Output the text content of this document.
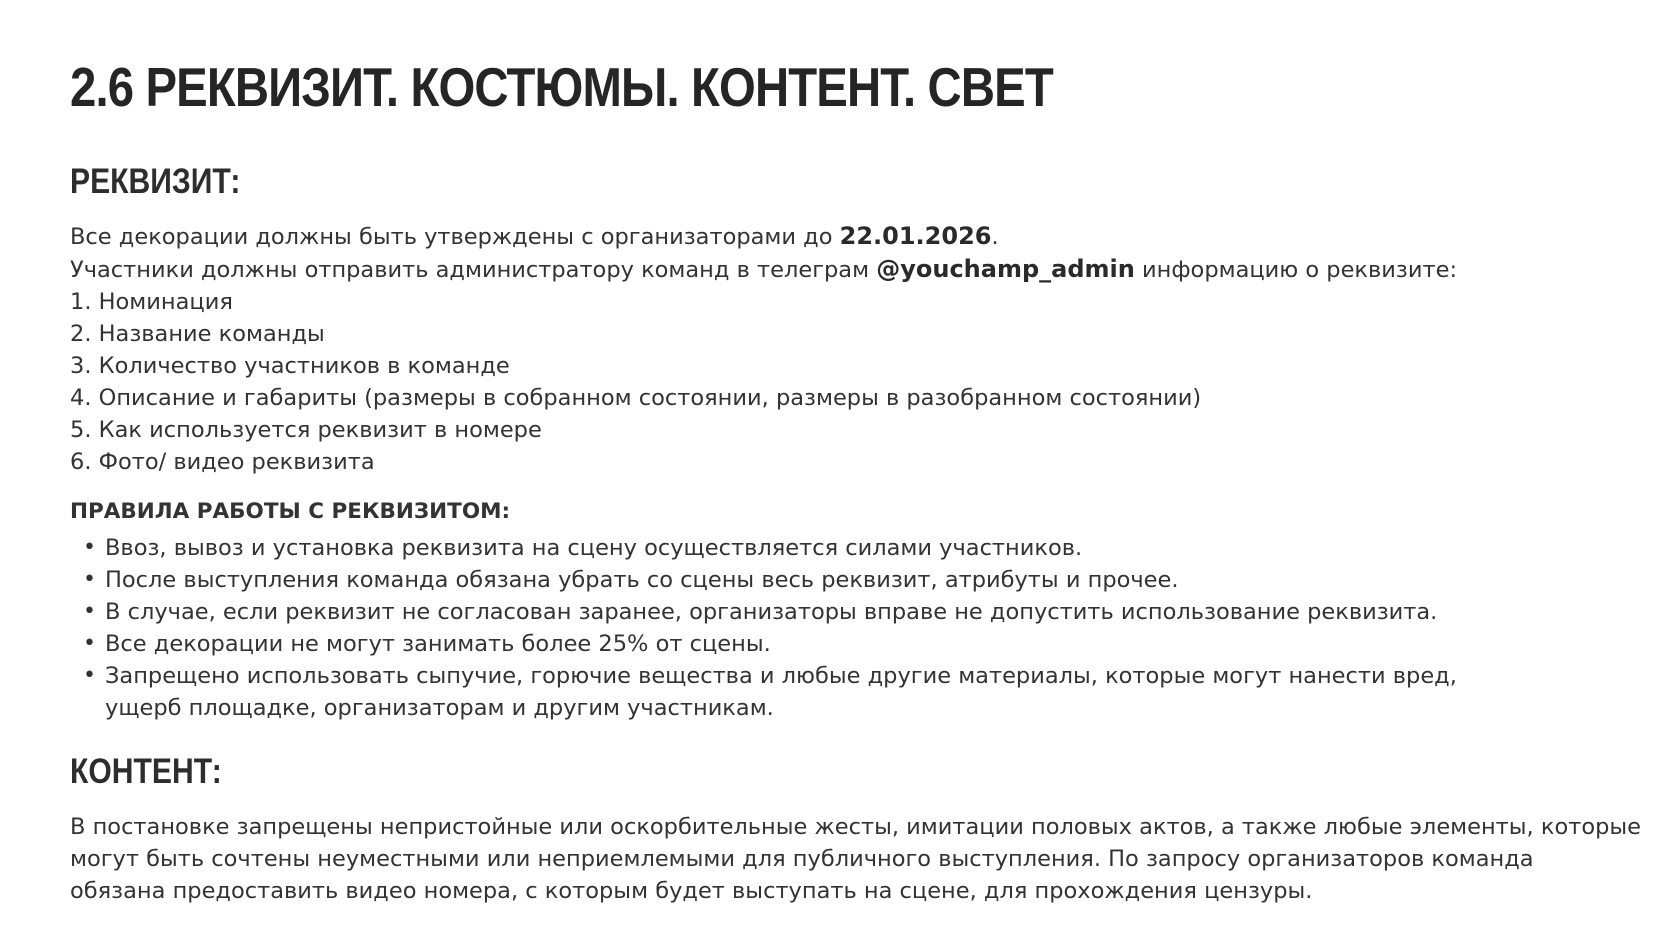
2.6 РЕКВИЗИТ. КОСТЮМЫ. КОНТЕНТ. СВЕТ
РЕКВИЗИТ:

Все декорации должны быть утверждены с организаторами до 22.01.2026.

Участники должны отправить администратору команд в телеграм @youchamp_admin информацию о реквизите:

1. Номинация
2. Название команды
3. Количество участников в команде
4. Описание и габариты (размеры в собранном состоянии, размеры в разобранном состоянии)
5. Как используется реквизит в номере
6. Фото/ видео реквизита
ПРАВИЛА РАБОТЫ С РЕКВИЗИТОМ:
• Ввоз, вывоз и установка реквизита на сцену осуществляется силами участников.
• После выступления команда обязана убрать со сцены весь реквизит, атрибуты и прочее.
• В случае, если реквизит не согласован заранее, организаторы вправе не допустить использование реквизита.
• Все декорации не могут занимать более 25% от сцены.
• Запрещено использовать сыпучие, горючие вещества и любые другие материалы, которые могут нанести вред,
ущерб площадке, организаторам и другим участникам.
КОНТЕНТ:

В постановке запрещены непристойные или оскорбительные жесты, имитации половых актов, а также любые элементы, которые

могут быть сочтены неуместными или неприемлемыми для публичного выступления. По запросу организаторов команда

обязана предоставить видео номера, с которым будет выступать на сцене, для прохождения цензуры.
